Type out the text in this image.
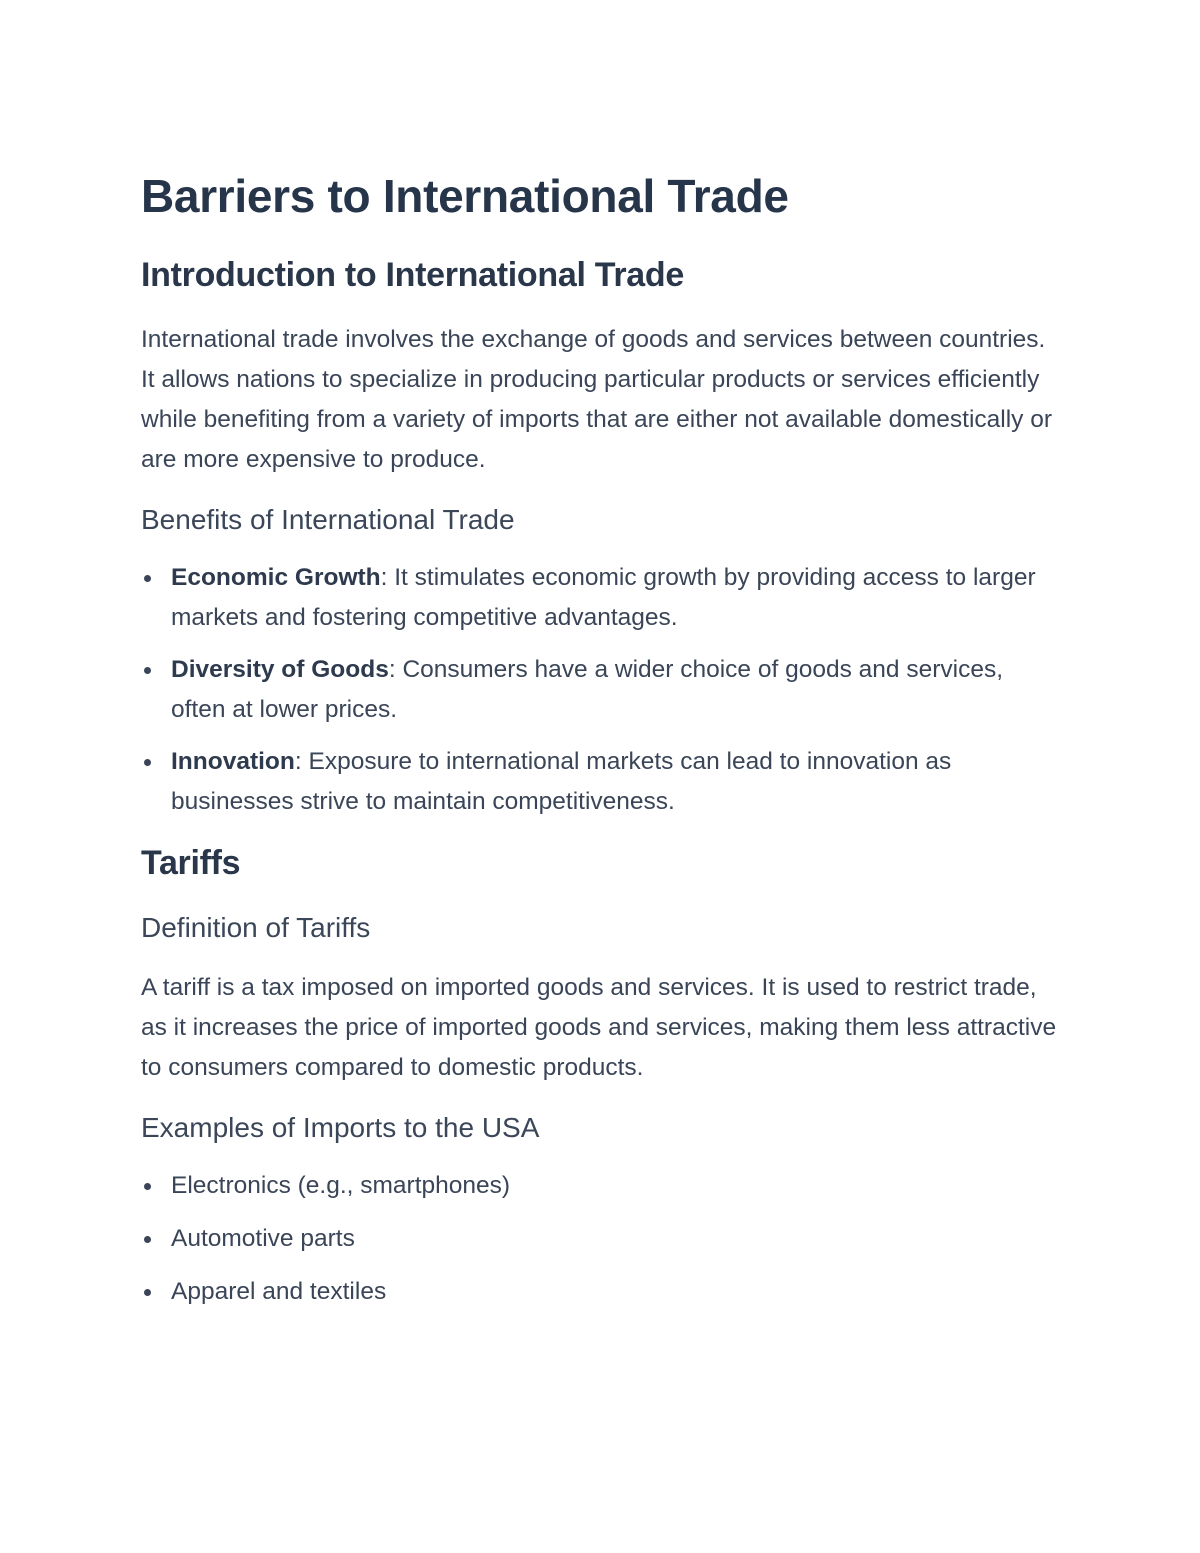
Barriers to International Trade
Introduction to International Trade

International trade involves the exchange of goods and services between countries. It allows nations to specialize in producing particular products or services efficiently while benefiting from a variety of imports that are either not available domestically or are more expensive to produce.

Benefits of International Trade
Economic Growth: It stimulates economic growth by providing access to larger markets and fostering competitive advantages.
Diversity of Goods: Consumers have a wider choice of goods and services, often at lower prices.
Innovation: Exposure to international markets can lead to innovation as businesses strive to maintain competitiveness.
Tariffs
Definition of Tariffs

A tariff is a tax imposed on imported goods and services. It is used to restrict trade, as it increases the price of imported goods and services, making them less attractive to consumers compared to domestic products.

Examples of Imports to the USA
Electronics (e.g., smartphones)
Automotive parts
Apparel and textiles
